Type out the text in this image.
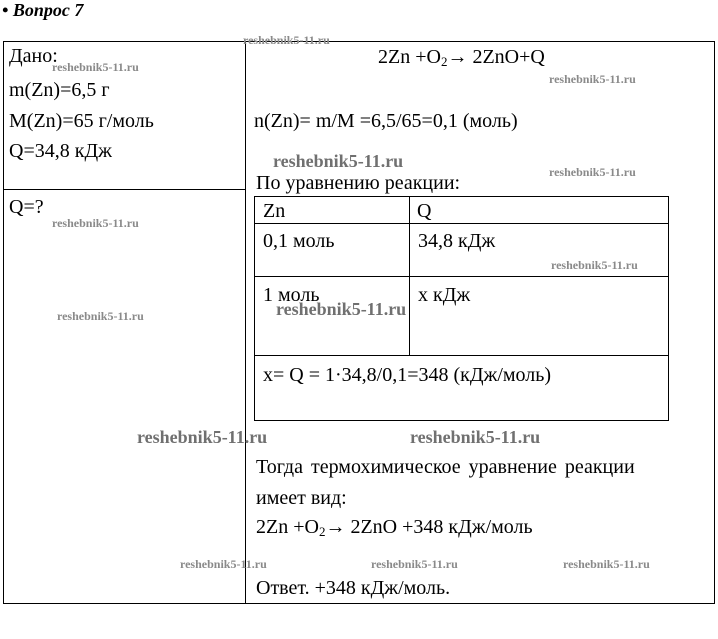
• Вопрос 7
Дано:
m(Zn)=6,5 г
M(Zn)=65 г/моль
Q=34,8 кДж
Q=?
$2Zn +O_2\to 2ZnO+Q$
n(Zn)= m/M =6,5/65=0,1 (моль)
По уравнению реакции:
Zn	Q
0,1 моль	34,8 кДж
1 моль	х кДж
х= Q = 1·34,8/0,1=348 (кДж/моль)
Тогда термохимическое уравнение реакции
имеет вид:
$2Zn +O_2\to 2ZnO +348$ кДж/моль
Ответ. +348 кДж/моль.
reshebnik5-11.ru
reshebnik5-11.ru
reshebnik5-11.ru
reshebnik5-11.ru
reshebnik5-11.ru
reshebnik5-11.ru
reshebnik5-11.ru
reshebnik5-11.ru
reshebnik5-11.ru
reshebnik5-11.ru	reshebnik5-11.ru
reshebnik5-11.ru	reshebnik5-11.ru	reshebnik5-11.ru
